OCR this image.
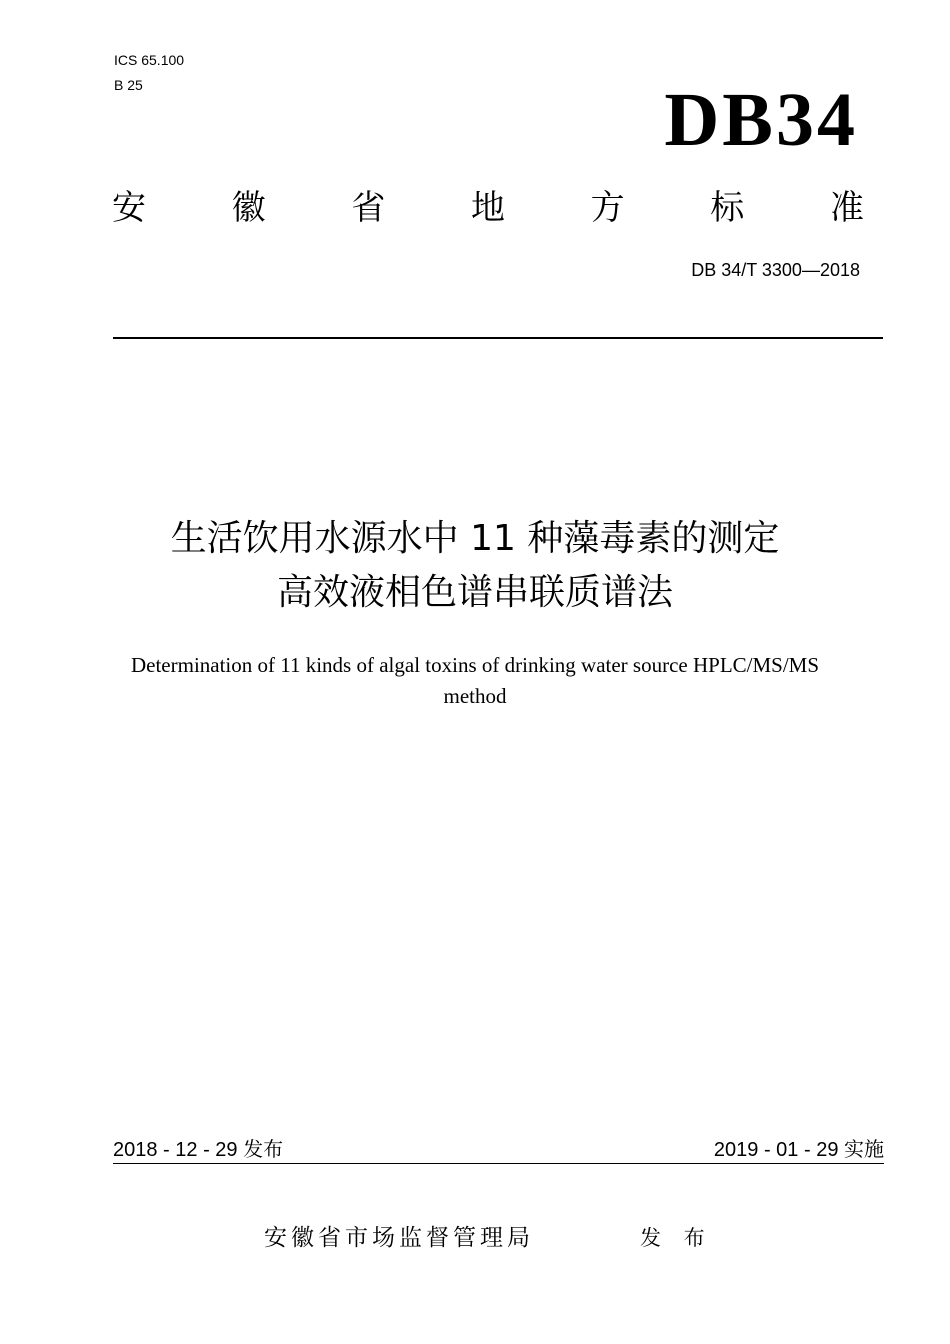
ICS 65.100
B 25	DB34
安	徽	省	地	方	标	准
DB 34/T 3300—2018
生活饮用水源水中 11 种藻毒素的测定
高效液相色谱串联质谱法
Determination of 11 kinds of algal toxins of drinking water source HPLC/MS/MS
method
2018 - 12 - 29 发布	2019 - 01 - 29 实施
安徽省市场监督管理局	发 布
